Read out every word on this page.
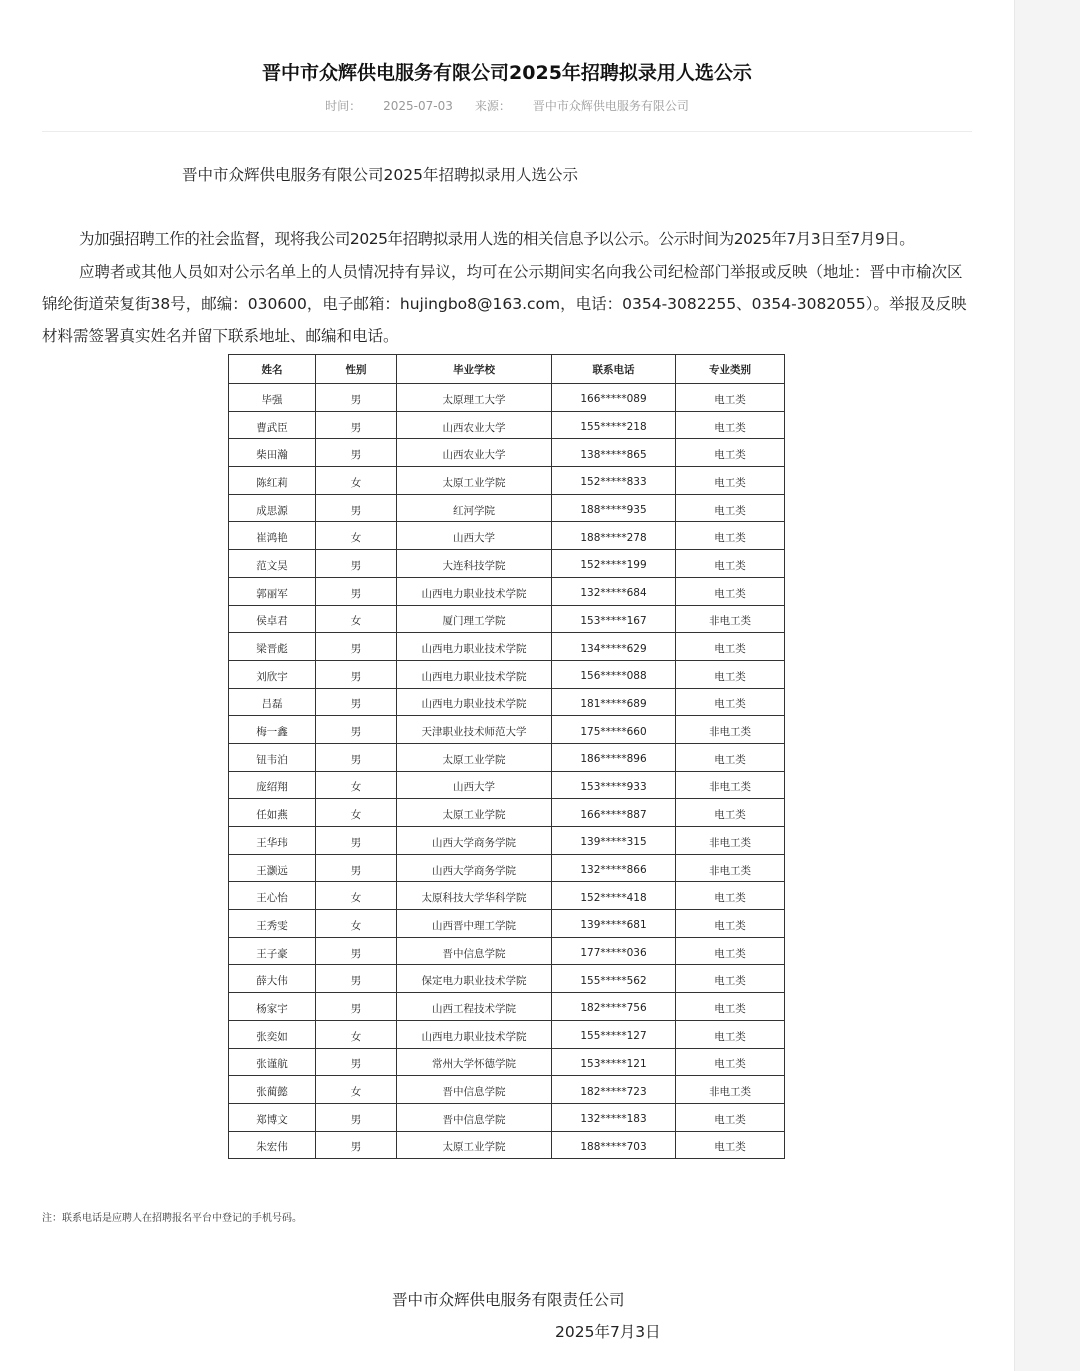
晋中市众辉供电服务有限公司2025年招聘拟录用人选公示
时间： 2025-07-03 来源： 晋中市众辉供电服务有限公司
晋中市众辉供电服务有限公司2025年招聘拟录用人选公示

为加强招聘工作的社会监督，现将我公司2025年招聘拟录用人选的相关信息予以公示。公示时间为2025年7月3日至7月9日。

应聘者或其他人员如对公示名单上的人员情况持有异议，均可在公示期间实名向我公司纪检部门举报或反映（地址：晋中市榆次区锦纶街道荣复街38号，邮编：030600，电子邮箱：hujingbo8@163.com，电话：0354-3082255、0354-3082055）。举报及反映材料需签署真实姓名并留下联系地址、邮编和电话。

姓名	性别	毕业学校	联系电话	专业类别
毕强	男	太原理工大学	166*****089	电工类
曹武臣	男	山西农业大学	155*****218	电工类
柴田瀚	男	山西农业大学	138*****865	电工类
陈红莉	女	太原工业学院	152*****833	电工类
成思源	男	红河学院	188*****935	电工类
崔鸿艳	女	山西大学	188*****278	电工类
范文昊	男	大连科技学院	152*****199	电工类
郭丽军	男	山西电力职业技术学院	132*****684	电工类
侯卓君	女	厦门理工学院	153*****167	非电工类
梁晋彪	男	山西电力职业技术学院	134*****629	电工类
刘欣宇	男	山西电力职业技术学院	156*****088	电工类
吕磊	男	山西电力职业技术学院	181*****689	电工类
梅一鑫	男	天津职业技术师范大学	175*****660	非电工类
钮韦泊	男	太原工业学院	186*****896	电工类
庞绍翔	女	山西大学	153*****933	非电工类
任如燕	女	太原工业学院	166*****887	电工类
王华玮	男	山西大学商务学院	139*****315	非电工类
王灏远	男	山西大学商务学院	132*****866	非电工类
王心怡	女	太原科技大学华科学院	152*****418	电工类
王秀雯	女	山西晋中理工学院	139*****681	电工类
王子豪	男	晋中信息学院	177*****036	电工类
薛大伟	男	保定电力职业技术学院	155*****562	电工类
杨家宇	男	山西工程技术学院	182*****756	电工类
张奕如	女	山西电力职业技术学院	155*****127	电工类
张谨航	男	常州大学怀德学院	153*****121	电工类
张蔺懿	女	晋中信息学院	182*****723	非电工类
郑博文	男	晋中信息学院	132*****183	电工类
朱宏伟	男	太原工业学院	188*****703	电工类
注：联系电话是应聘人在招聘报名平台中登记的手机号码。
晋中市众辉供电服务有限责任公司
2025年7月3日
